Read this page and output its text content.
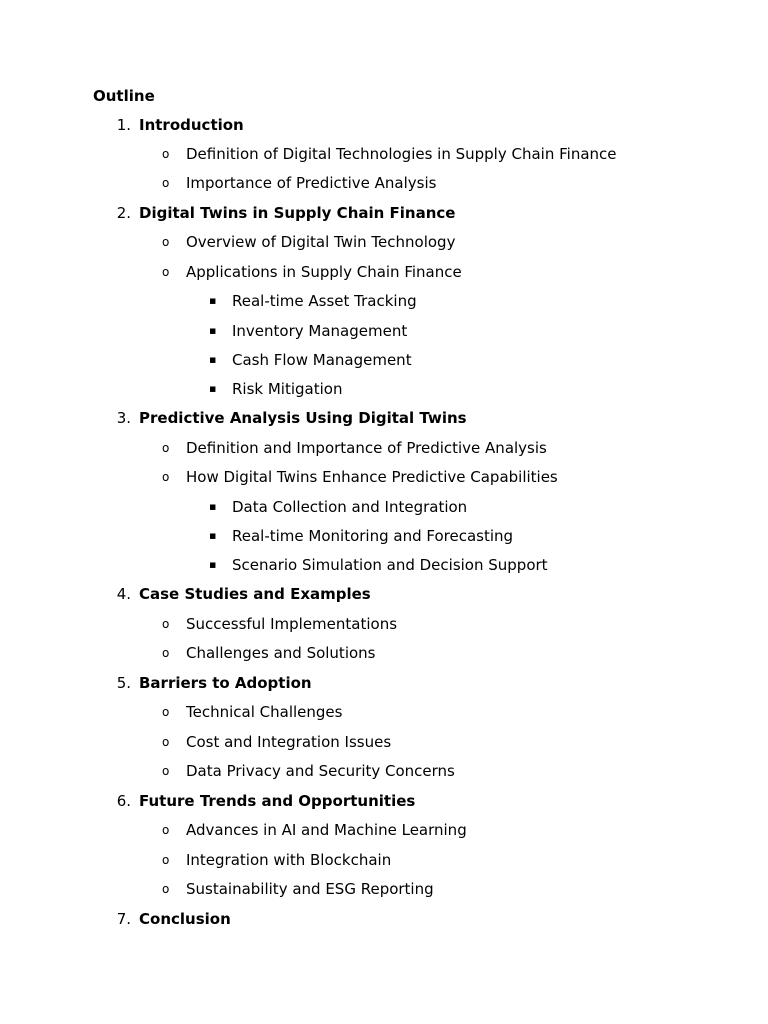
Outline
1. Introduction
o Definition of Digital Technologies in Supply Chain Finance
o Importance of Predictive Analysis
2. Digital Twins in Supply Chain Finance
o Overview of Digital Twin Technology
o Applications in Supply Chain Finance
▪ Real-time Asset Tracking
▪ Inventory Management
▪ Cash Flow Management
▪ Risk Mitigation
3. Predictive Analysis Using Digital Twins
o Definition and Importance of Predictive Analysis
o How Digital Twins Enhance Predictive Capabilities
▪ Data Collection and Integration
▪ Real-time Monitoring and Forecasting
▪ Scenario Simulation and Decision Support
4. Case Studies and Examples
o Successful Implementations
o Challenges and Solutions
5. Barriers to Adoption
o Technical Challenges
o Cost and Integration Issues
o Data Privacy and Security Concerns
6. Future Trends and Opportunities
o Advances in AI and Machine Learning
o Integration with Blockchain
o Sustainability and ESG Reporting
7. Conclusion
